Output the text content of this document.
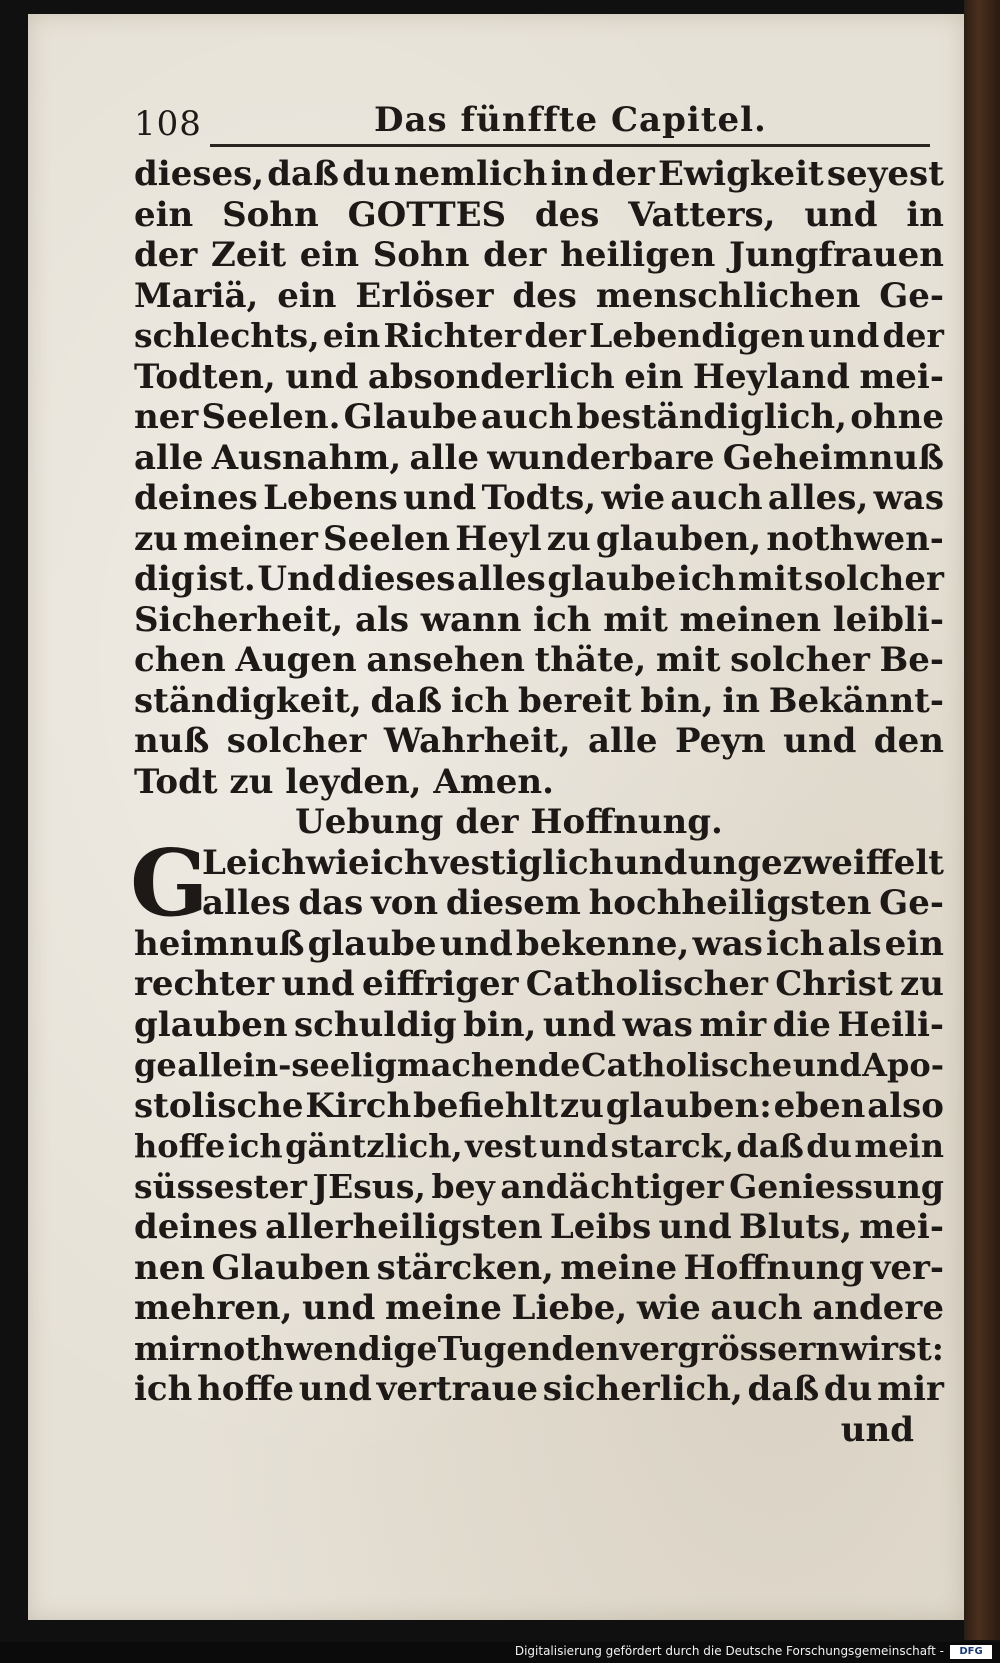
108	Das fünffte Capitel.
dieses, daß du nemlich in der Ewigkeit seyest
ein Sohn GOTTES des Vatters, und in
der Zeit ein Sohn der heiligen Jungfrauen
Mariä, ein Erlöser des menschlichen Ge-
schlechts, ein Richter der Lebendigen und der
Todten, und absonderlich ein Heyland mei-
ner Seelen. Glaube auch beständiglich, ohne
alle Ausnahm, alle wunderbare Geheimnuß
deines Lebens und Todts, wie auch alles, was
zu meiner Seelen Heyl zu glauben, nothwen-
dig ist. Und dieses alles glaube ich mit solcher
Sicherheit, als wann ich mit meinen leibli-
chen Augen ansehen thäte, mit solcher Be-
ständigkeit, daß ich bereit bin, in Bekännt-
nuß solcher Wahrheit, alle Peyn und den
Todt zu leyden, Amen.
Uebung der Hoffnung.
G
Leichwie ich vestiglich und ungezweiffelt
alles das von diesem hochheiligsten Ge-
heimnuß glaube und bekenne, was ich als ein
rechter und eiffriger Catholischer Christ zu
glauben schuldig bin, und was mir die Heili-
ge allein-seeligmachende Catholische und Apo-
stolische Kirch befiehlt zu glauben: eben also
hoffe ich gäntzlich, vest und starck, daß du mein
süssester JEsus, bey andächtiger Geniessung
deines allerheiligsten Leibs und Bluts, mei-
nen Glauben stärcken, meine Hoffnung ver-
mehren, und meine Liebe, wie auch andere
mir nothwendige Tugenden vergrössern wirst:
ich hoffe und vertraue sicherlich, daß du mir
und
Digitalisierung gefördert durch die Deutsche Forschungsgemeinschaft -	DFG
